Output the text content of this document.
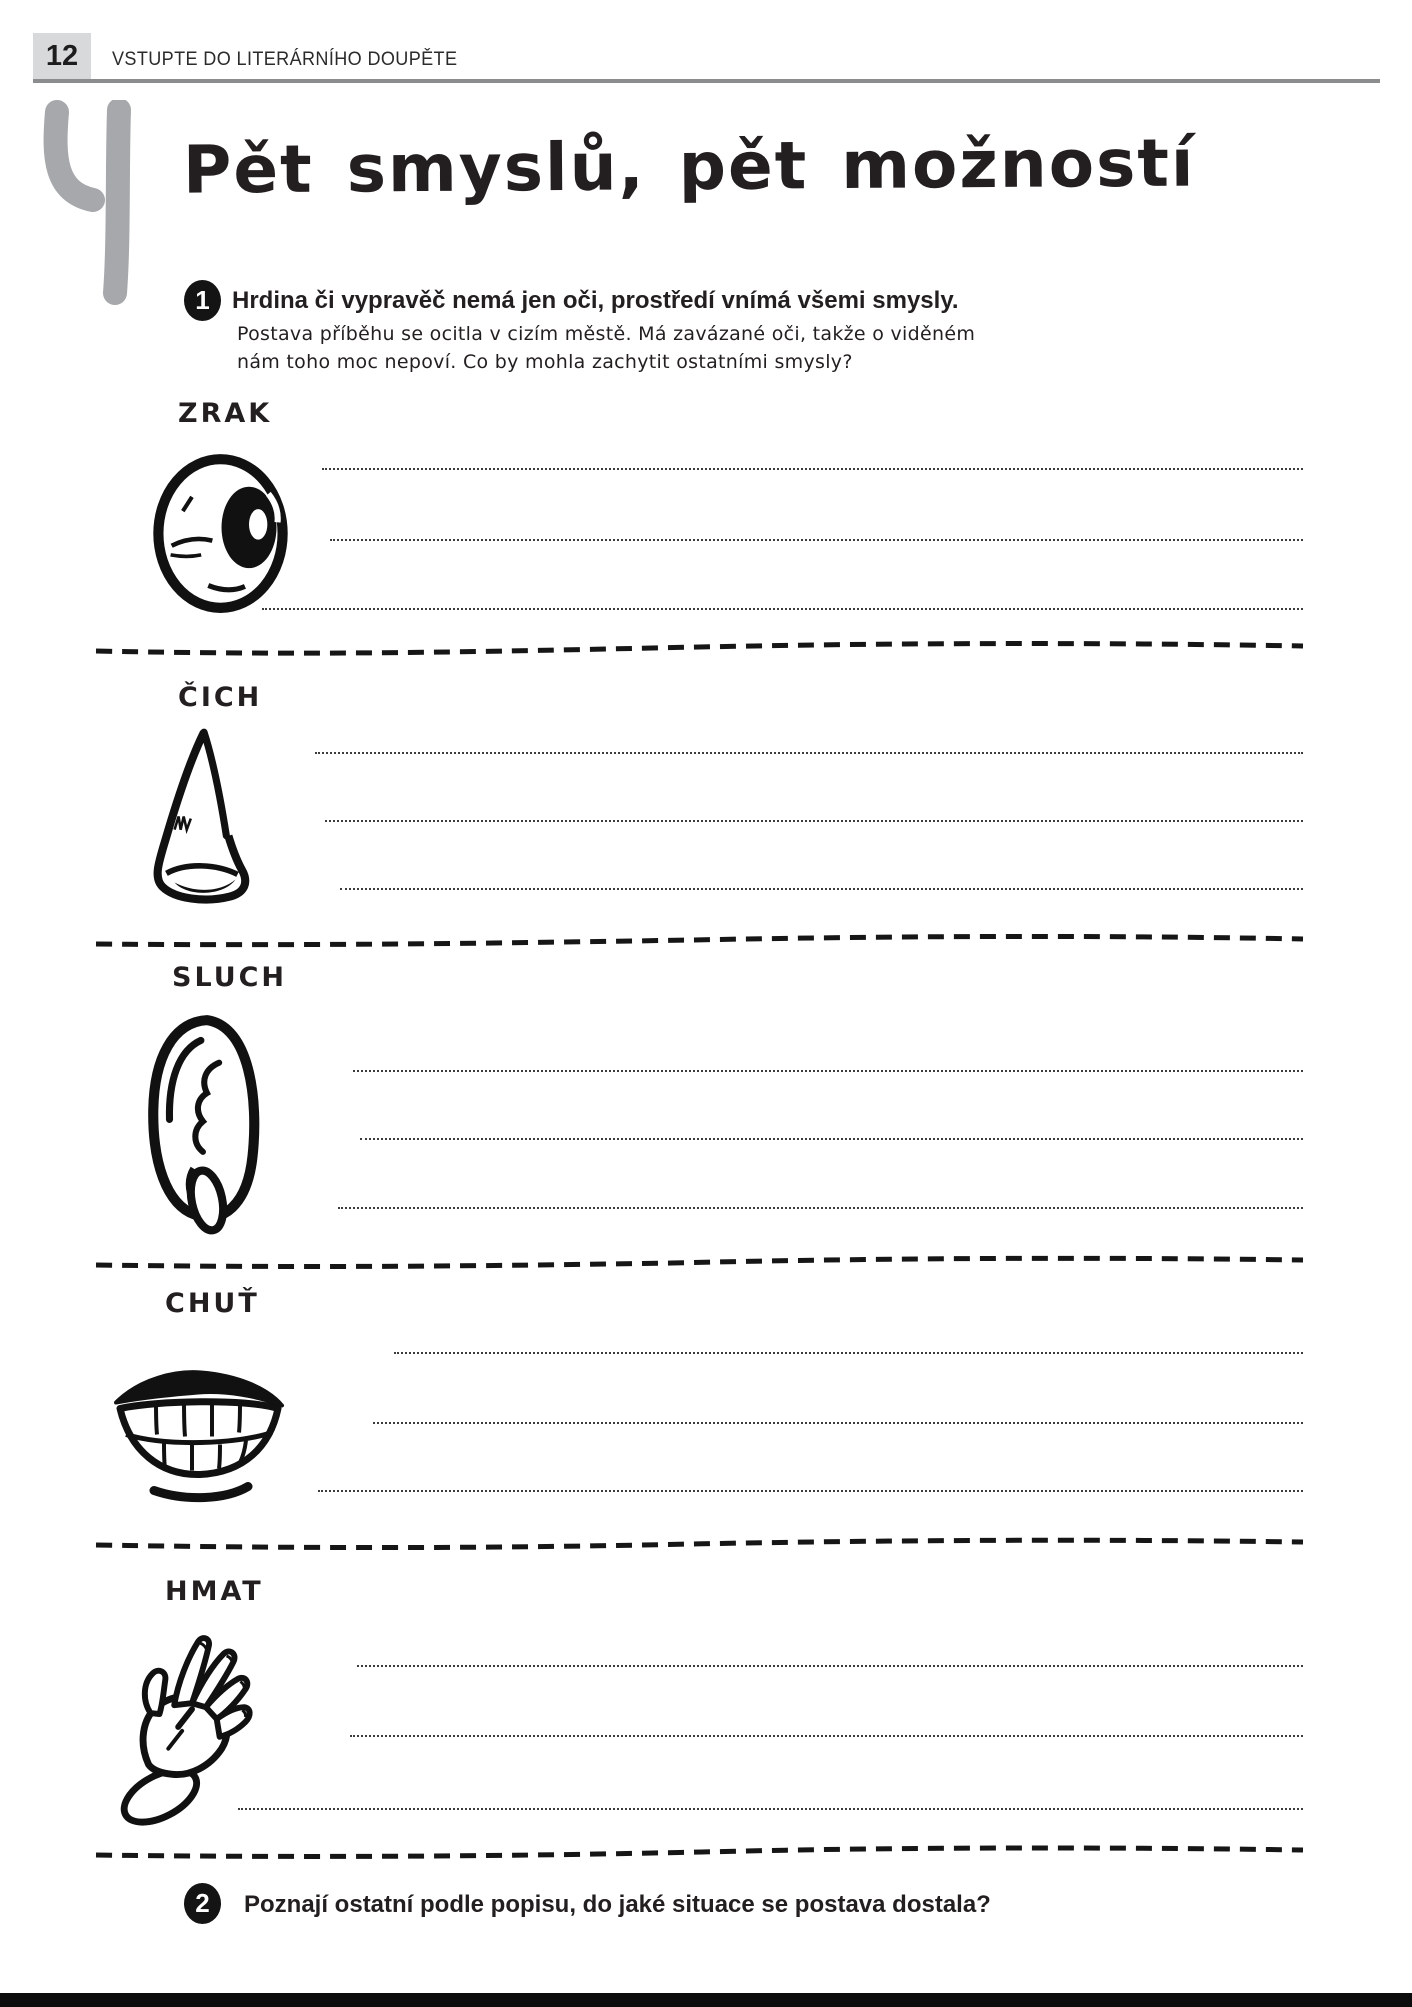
12 VSTUPTE DO LITERÁRNÍHO DOUPĚTE
Pět smyslů, pět možností
1 Hrdina či vypravěč nemá jen oči, prostředí vnímá všemi smysly.
Postava příběhu se ocitla v cizím městě. Má zavázané oči, takže o viděném
nám toho moc nepoví. Co by mohla zachytit ostatními smysly?
ZRAK
ČICH
SLUCH
CHUŤ
HMAT
2 Poznají ostatní podle popisu, do jaké situace se postava dostala?
